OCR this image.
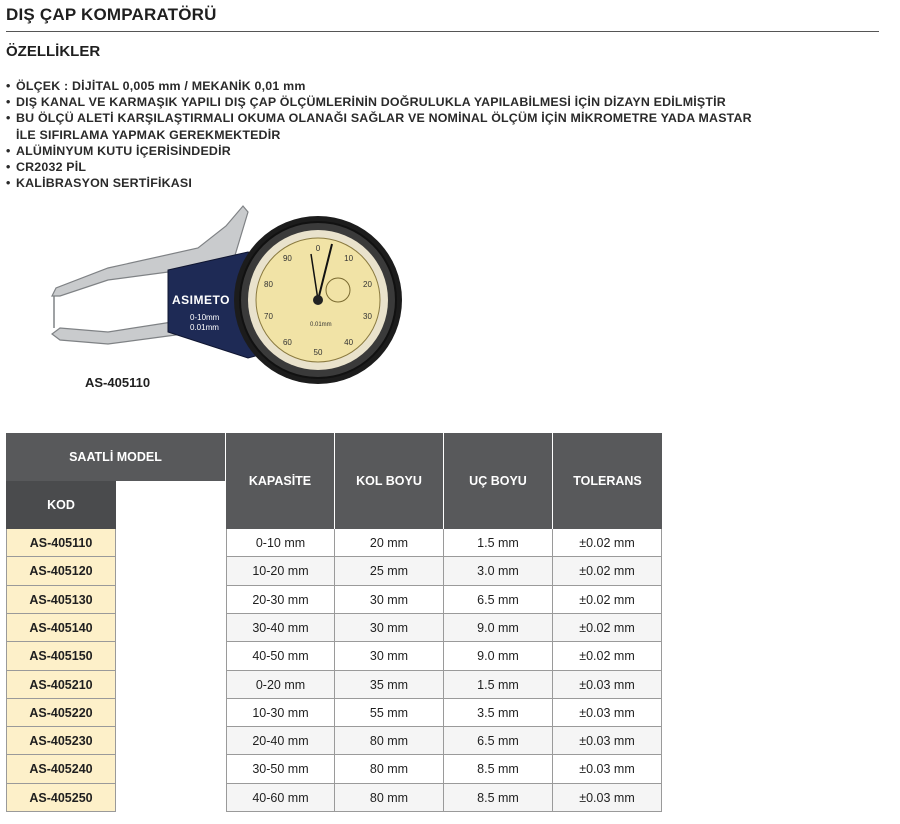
DIŞ ÇAP KOMPARATÖRÜ
ÖZELLİKLER
• ÖLÇEK : DİJİTAL 0,005 mm / MEKANİK 0,01 mm
• DIŞ KANAL VE KARMAŞIK YAPILI DIŞ ÇAP ÖLÇÜMLERİNİN DOĞRULUKLA YAPILABİLMESİ İÇİN DİZAYN EDİLMİŞTİR
• BU ÖLÇÜ ALETİ KARŞILAŞTIRMALI OKUMA OLANAĞI SAĞLAR VE NOMİNAL ÖLÇÜM İÇİN MİKROMETRE YADA MASTAR İLE SIFIRLAMA YAPMAK GEREKMEKTEDİR
• ALÜMİNYUM KUTU İÇERİSİNDEDİR
• CR2032 PİL
• KALİBRASYON SERTİFİKASI
ASIMETO
0-10mm
0.01mm
0
10
20
30
40
50
60
70
80
90
0.01mm
AS-405110
SAATLİ MODEL
KOD
KAPASİTE	KOL BOYU	UÇ BOYU	TOLERANS
AS-405110	0-10 mm	20 mm	1.5 mm	±0.02 mm
AS-405120	10-20 mm	25 mm	3.0 mm	±0.02 mm
AS-405130	20-30 mm	30 mm	6.5 mm	±0.02 mm
AS-405140	30-40 mm	30 mm	9.0 mm	±0.02 mm
AS-405150	40-50 mm	30 mm	9.0 mm	±0.02 mm
AS-405210	0-20 mm	35 mm	1.5 mm	±0.03 mm
AS-405220	10-30 mm	55 mm	3.5 mm	±0.03 mm
AS-405230	20-40 mm	80 mm	6.5 mm	±0.03 mm
AS-405240	30-50 mm	80 mm	8.5 mm	±0.03 mm
AS-405250	40-60 mm	80 mm	8.5 mm	±0.03 mm
